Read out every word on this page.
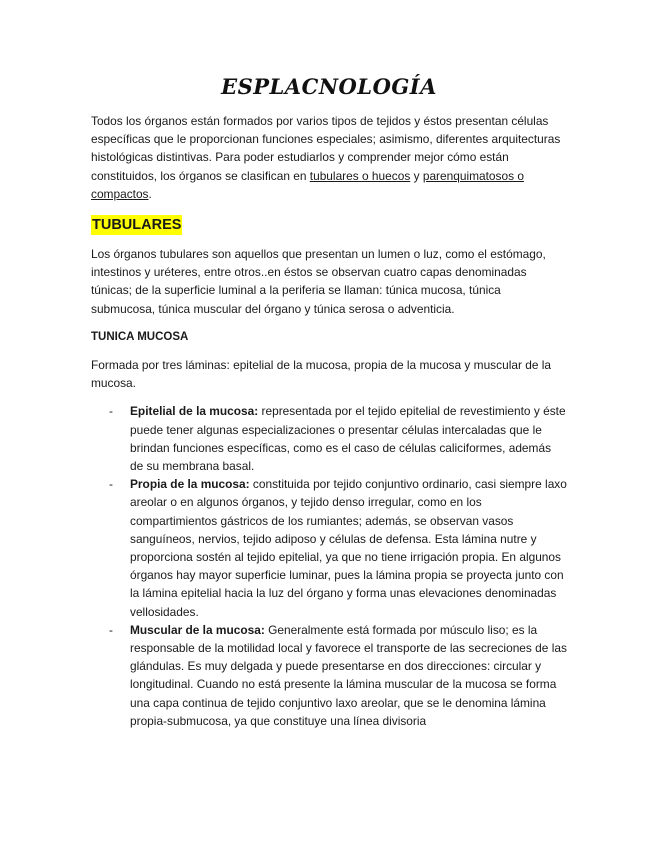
ESPLACNOLOGÍA

Todos los órganos están formados por varios tipos de tejidos y éstos presentan células específicas que le proporcionan funciones especiales; asimismo, diferentes arquitecturas histológicas distintivas. Para poder estudiarlos y comprender mejor cómo están constituidos, los órganos se clasifican en tubulares o huecos y parenquimatosos o compactos.

TUBULARES

Los órganos tubulares son aquellos que presentan un lumen o luz, como el estómago, intestinos y uréteres, entre otros..en éstos se observan cuatro capas denominadas túnicas; de la superficie luminal a la periferia se llaman: túnica mucosa, túnica submucosa, túnica muscular del órgano y túnica serosa o adventicia.

TUNICA MUCOSA

Formada por tres láminas: epitelial de la mucosa, propia de la mucosa y muscular de la mucosa.

- Epitelial de la mucosa: representada por el tejido epitelial de revestimiento y éste puede tener algunas especializaciones o presentar células intercaladas que le brindan funciones específicas, como es el caso de células caliciformes, además de su membrana basal.
- Propia de la mucosa: constituida por tejido conjuntivo ordinario, casi siempre laxo areolar o en algunos órganos, y tejido denso irregular, como en los compartimientos gástricos de los rumiantes; además, se observan vasos sanguíneos, nervios, tejido adiposo y células de defensa. Esta lámina nutre y proporciona sostén al tejido epitelial, ya que no tiene irrigación propia. En algunos órganos hay mayor superficie luminar, pues la lámina propia se proyecta junto con la lámina epitelial hacia la luz del órgano y forma unas elevaciones denominadas vellosidades.
- Muscular de la mucosa: Generalmente está formada por músculo liso; es la responsable de la motilidad local y favorece el transporte de las secreciones de las glándulas. Es muy delgada y puede presentarse en dos direcciones: circular y longitudinal. Cuando no está presente la lámina muscular de la mucosa se forma una capa continua de tejido conjuntivo laxo areolar, que se le denomina lámina propia-submucosa, ya que constituye una línea divisoria
